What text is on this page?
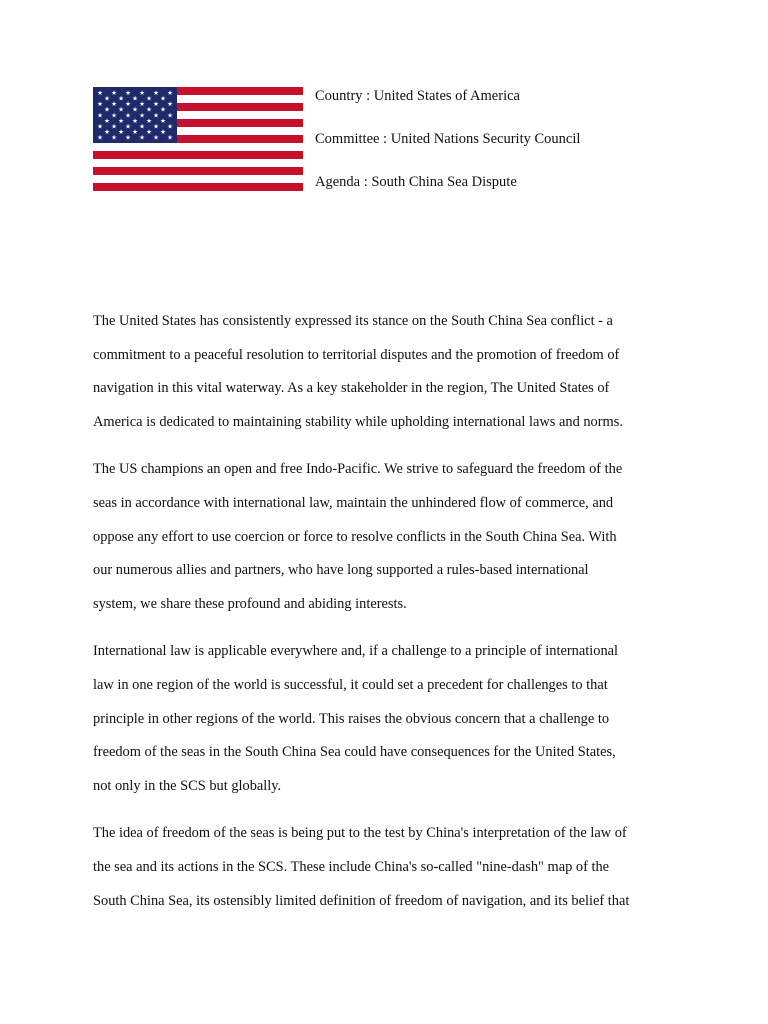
★ ★ ★ ★ ★ ★
★ ★ ★ ★ ★
★ ★ ★ ★ ★ ★
★ ★ ★ ★ ★
★ ★ ★ ★ ★ ★
★ ★ ★ ★ ★
★ ★ ★ ★ ★ ★
★ ★ ★ ★ ★
★ ★ ★ ★ ★ ★

Country : United States of America

Committee : United Nations Security Council

Agenda : South China Sea Dispute

The United States has consistently expressed its stance on the South China Sea conflict - a
commitment to a peaceful resolution to territorial disputes and the promotion of freedom of
navigation in this vital waterway. As a key stakeholder in the region, The United States of
America is dedicated to maintaining stability while upholding international laws and norms.

The US champions an open and free Indo-Pacific. We strive to safeguard the freedom of the
seas in accordance with international law, maintain the unhindered flow of commerce, and
oppose any effort to use coercion or force to resolve conflicts in the South China Sea. With
our numerous allies and partners, who have long supported a rules-based international
system, we share these profound and abiding interests.

International law is applicable everywhere and, if a challenge to a principle of international
law in one region of the world is successful, it could set a precedent for challenges to that
principle in other regions of the world. This raises the obvious concern that a challenge to
freedom of the seas in the South China Sea could have consequences for the United States,
not only in the SCS but globally.

The idea of freedom of the seas is being put to the test by China's interpretation of the law of
the sea and its actions in the SCS. These include China's so-called "nine-dash" map of the
South China Sea, its ostensibly limited definition of freedom of navigation, and its belief that
